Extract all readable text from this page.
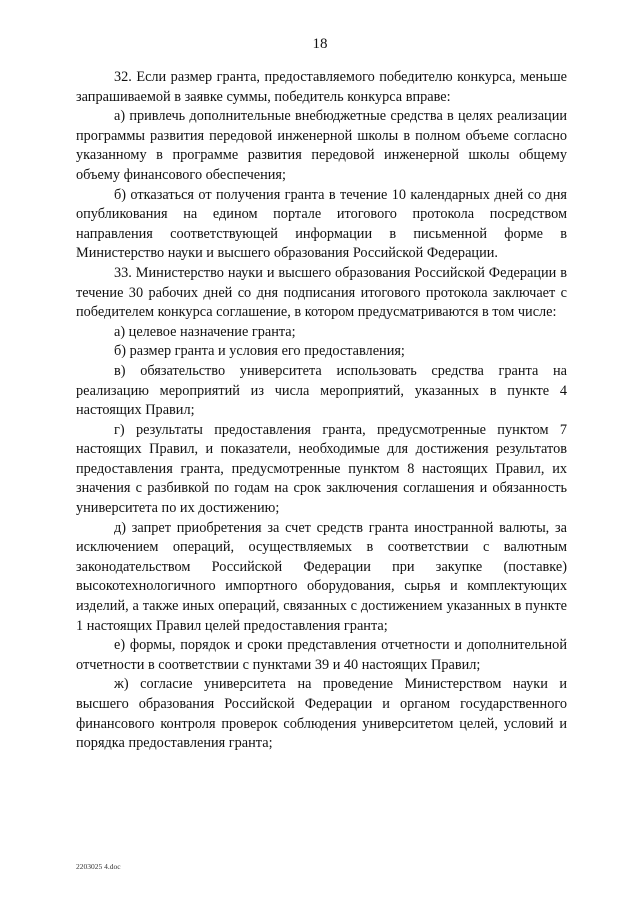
18

32. Если размер гранта, предоставляемого победителю конкурса, меньше запрашиваемой в заявке суммы, победитель конкурса вправе:

а) привлечь дополнительные внебюджетные средства в целях реализации программы развития передовой инженерной школы в полном объеме согласно указанному в программе развития передовой инженерной школы общему объему финансового обеспечения;

б) отказаться от получения гранта в течение 10 календарных дней со дня опубликования на едином портале итогового протокола посредством направления соответствующей информации в письменной форме в Министерство науки и высшего образования Российской Федерации.

33. Министерство науки и высшего образования Российской Федерации в течение 30 рабочих дней со дня подписания итогового протокола заключает с победителем конкурса соглашение, в котором предусматриваются в том числе:

а) целевое назначение гранта;

б) размер гранта и условия его предоставления;

в) обязательство университета использовать средства гранта на реализацию мероприятий из числа мероприятий, указанных в пункте 4 настоящих Правил;

г) результаты предоставления гранта, предусмотренные пунктом 7 настоящих Правил, и показатели, необходимые для достижения результатов предоставления гранта, предусмотренные пунктом 8 настоящих Правил, их значения с разбивкой по годам на срок заключения соглашения и обязанность университета по их достижению;

д) запрет приобретения за счет средств гранта иностранной валюты, за исключением операций, осуществляемых в соответствии с валютным законодательством Российской Федерации при закупке (поставке) высокотехнологичного импортного оборудования, сырья и комплектующих изделий, а также иных операций, связанных с достижением указанных в пункте 1 настоящих Правил целей предоставления гранта;

е) формы, порядок и сроки представления отчетности и дополнительной отчетности в соответствии с пунктами 39 и 40 настоящих Правил;

ж) согласие университета на проведение Министерством науки и высшего образования Российской Федерации и органом государственного финансового контроля проверок соблюдения университетом целей, условий и порядка предоставления гранта;

2203025 4.doc
